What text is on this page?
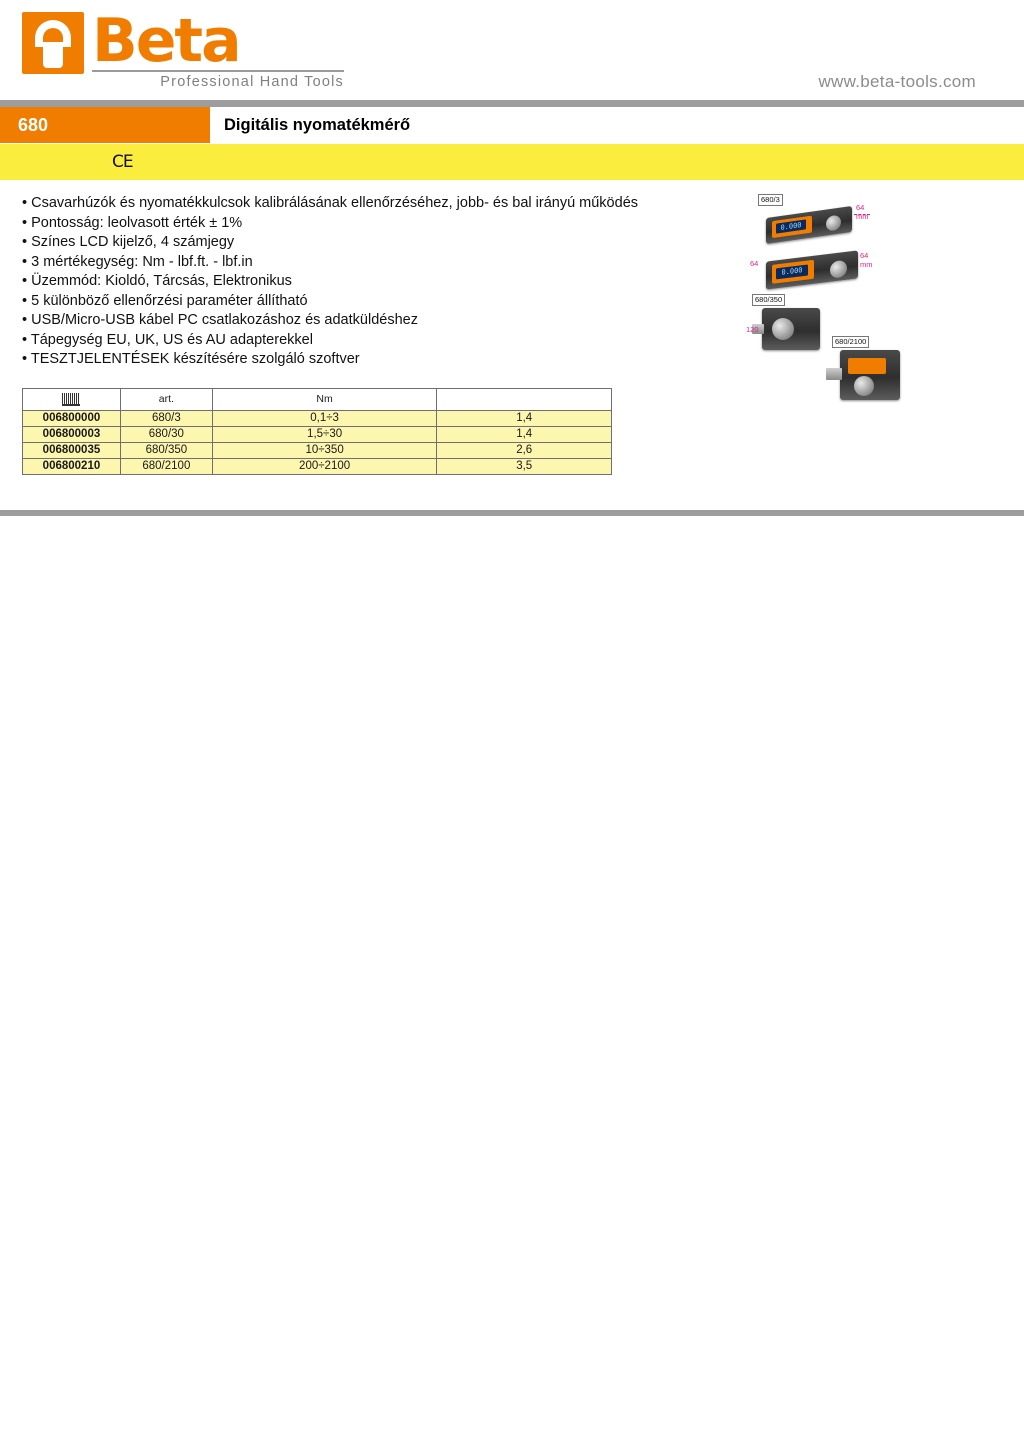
Beta
Professional Hand Tools	www.beta-tools.com
680	Digitális nyomatékmérő
CE
• Csavarhúzók és nyomatékkulcsok kalibrálásának ellenőrzéséhez, jobb- és bal irányú működés
• Pontosság: leolvasott érték ± 1%
• Színes LCD kijelző, 4 számjegy
• 3 mértékegység: Nm - lbf.ft. - lbf.in
• Üzemmód: Kioldó, Tárcsás, Elektronikus
• 5 különböző ellenőrzési paraméter állítható
• USB/Micro-USB kábel PC csatlakozáshoz és adatküldéshez
• Tápegység EU, UK, US és AU adapterekkel
• TESZTJELENTÉSEK készítésére szolgáló szoftver
680/3
0.000
64
mm
0.000
64
64
mm
680/350
120
680/2100
	art.	Nm	
006800000	680/3	0,1÷3	1,4
006800003	680/30	1,5÷30	1,4
006800035	680/350	10÷350	2,6
006800210	680/2100	200÷2100	3,5
